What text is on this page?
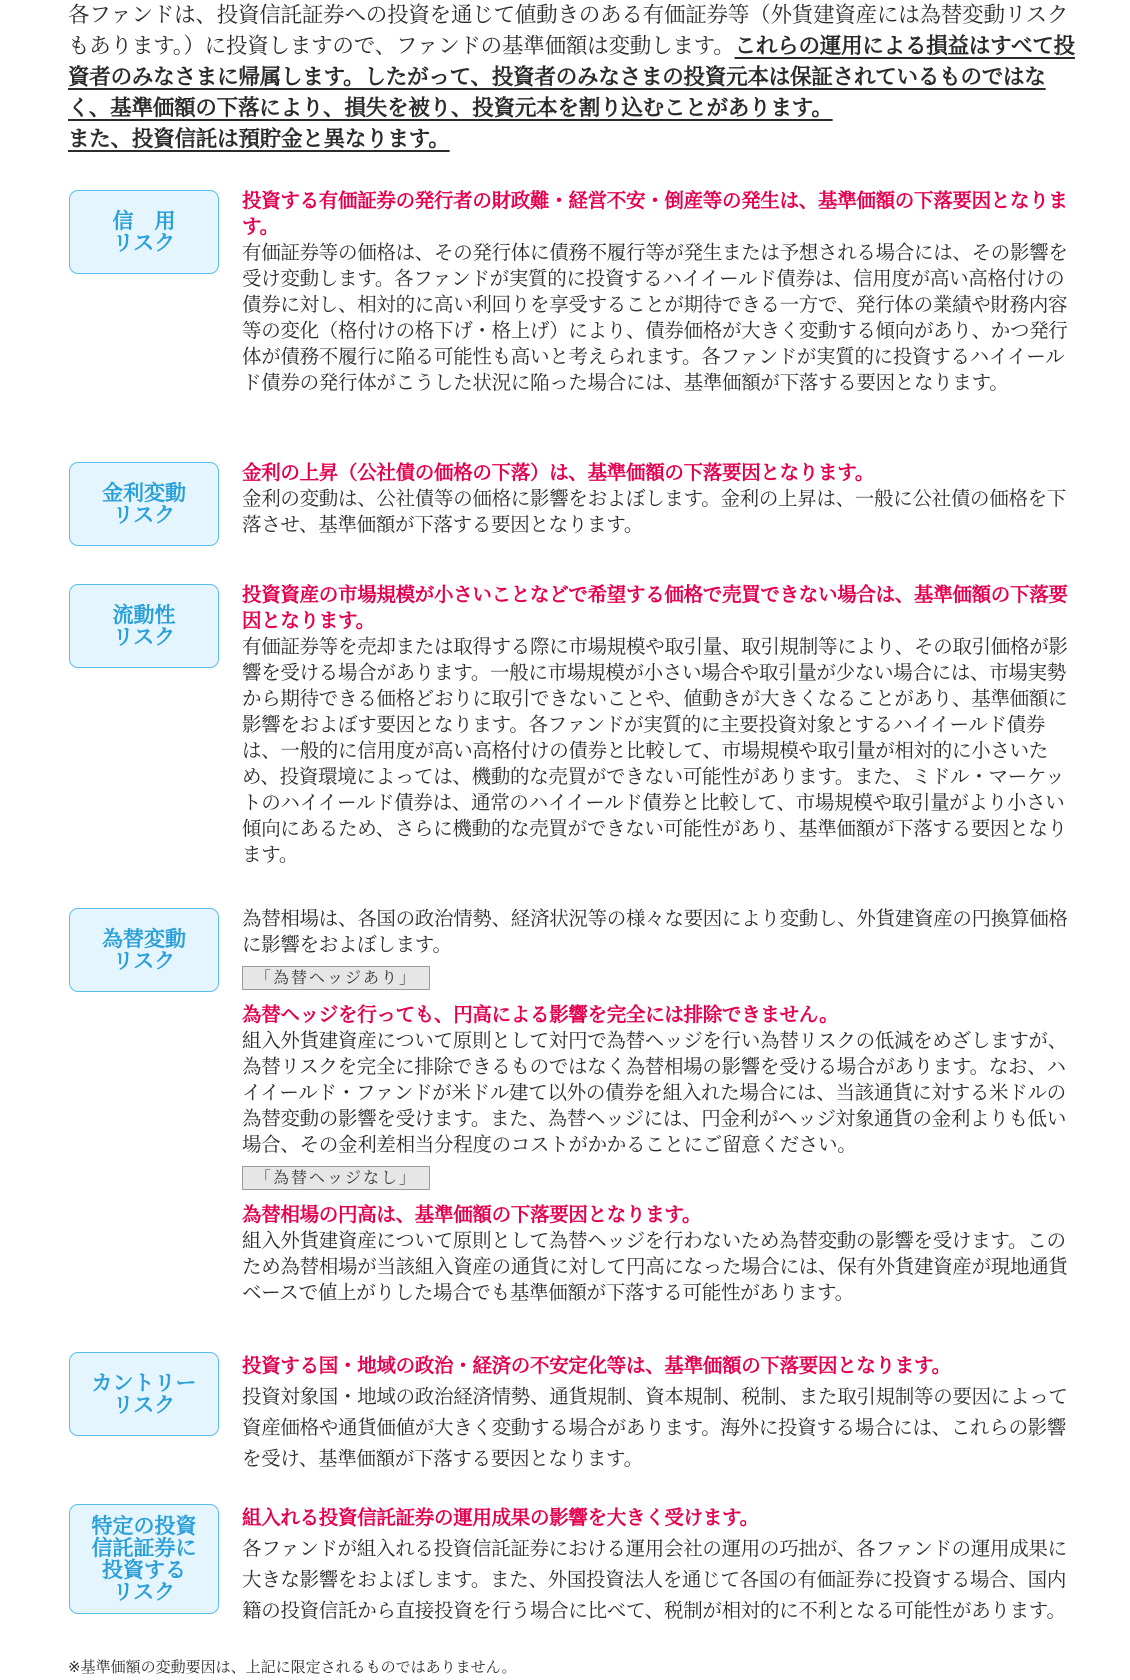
各ファンドは、投資信託証券への投資を通じて値動きのある有価証券等（外貨建資産には為替変動リスクもあります。）に投資しますので、ファンドの基準価額は変動します。これらの運用による損益はすべて投資者のみなさまに帰属します。したがって、投資者のみなさまの投資元本は保証されているものではなく、基準価額の下落により、損失を被り、投資元本を割り込むことがあります。
また、投資信託は預貯金と異なります。
信　用
リスク
投資する有価証券の発行者の財政難・経営不安・倒産等の発生は、基準価額の下落要因となります。
有価証券等の価格は、その発行体に債務不履行等が発生または予想される場合には、その影響を受け変動します。各ファンドが実質的に投資するハイイールド債券は、信用度が高い高格付けの債券に対し、相対的に高い利回りを享受することが期待できる一方で、発行体の業績や財務内容等の変化（格付けの格下げ・格上げ）により、債券価格が大きく変動する傾向があり、かつ発行体が債務不履行に陥る可能性も高いと考えられます。各ファンドが実質的に投資するハイイールド債券の発行体がこうした状況に陥った場合には、基準価額が下落する要因となります。
金利変動
リスク
金利の上昇（公社債の価格の下落）は、基準価額の下落要因となります。
金利の変動は、公社債等の価格に影響をおよぼします。金利の上昇は、一般に公社債の価格を下落させ、基準価額が下落する要因となります。
流動性
リスク
投資資産の市場規模が小さいことなどで希望する価格で売買できない場合は、基準価額の下落要因となります。
有価証券等を売却または取得する際に市場規模や取引量、取引規制等により、その取引価格が影響を受ける場合があります。一般に市場規模が小さい場合や取引量が少ない場合には、市場実勢から期待できる価格どおりに取引できないことや、値動きが大きくなることがあり、基準価額に影響をおよぼす要因となります。各ファンドが実質的に主要投資対象とするハイイールド債券は、一般的に信用度が高い高格付けの債券と比較して、市場規模や取引量が相対的に小さいため、投資環境によっては、機動的な売買ができない可能性があります。また、ミドル・マーケットのハイイールド債券は、通常のハイイールド債券と比較して、市場規模や取引量がより小さい傾向にあるため、さらに機動的な売買ができない可能性があり、基準価額が下落する要因となります。
為替変動
リスク
為替相場は、各国の政治情勢、経済状況等の様々な要因により変動し、外貨建資産の円換算価格に影響をおよぼします。
「為替ヘッジあり」
為替ヘッジを行っても、円高による影響を完全には排除できません。
組入外貨建資産について原則として対円で為替ヘッジを行い為替リスクの低減をめざしますが、為替リスクを完全に排除できるものではなく為替相場の影響を受ける場合があります。なお、ハイイールド・ファンドが米ドル建て以外の債券を組入れた場合には、当該通貨に対する米ドルの為替変動の影響を受けます。また、為替ヘッジには、円金利がヘッジ対象通貨の金利よりも低い場合、その金利差相当分程度のコストがかかることにご留意ください。
「為替ヘッジなし」
為替相場の円高は、基準価額の下落要因となります。
組入外貨建資産について原則として為替ヘッジを行わないため為替変動の影響を受けます。このため為替相場が当該組入資産の通貨に対して円高になった場合には、保有外貨建資産が現地通貨ベースで値上がりした場合でも基準価額が下落する可能性があります。
カントリー
リスク
投資する国・地域の政治・経済の不安定化等は、基準価額の下落要因となります。
投資対象国・地域の政治経済情勢、通貨規制、資本規制、税制、また取引規制等の要因によって資産価格や通貨価値が大きく変動する場合があります。海外に投資する場合には、これらの影響を受け、基準価額が下落する要因となります。
特定の投資
信託証券に
投資する
リスク
組入れる投資信託証券の運用成果の影響を大きく受けます。
各ファンドが組入れる投資信託証券における運用会社の運用の巧拙が、各ファンドの運用成果に大きな影響をおよぼします。また、外国投資法人を通じて各国の有価証券に投資する場合、国内籍の投資信託から直接投資を行う場合に比べて、税制が相対的に不利となる可能性があります。
※基準価額の変動要因は、上記に限定されるものではありません。
